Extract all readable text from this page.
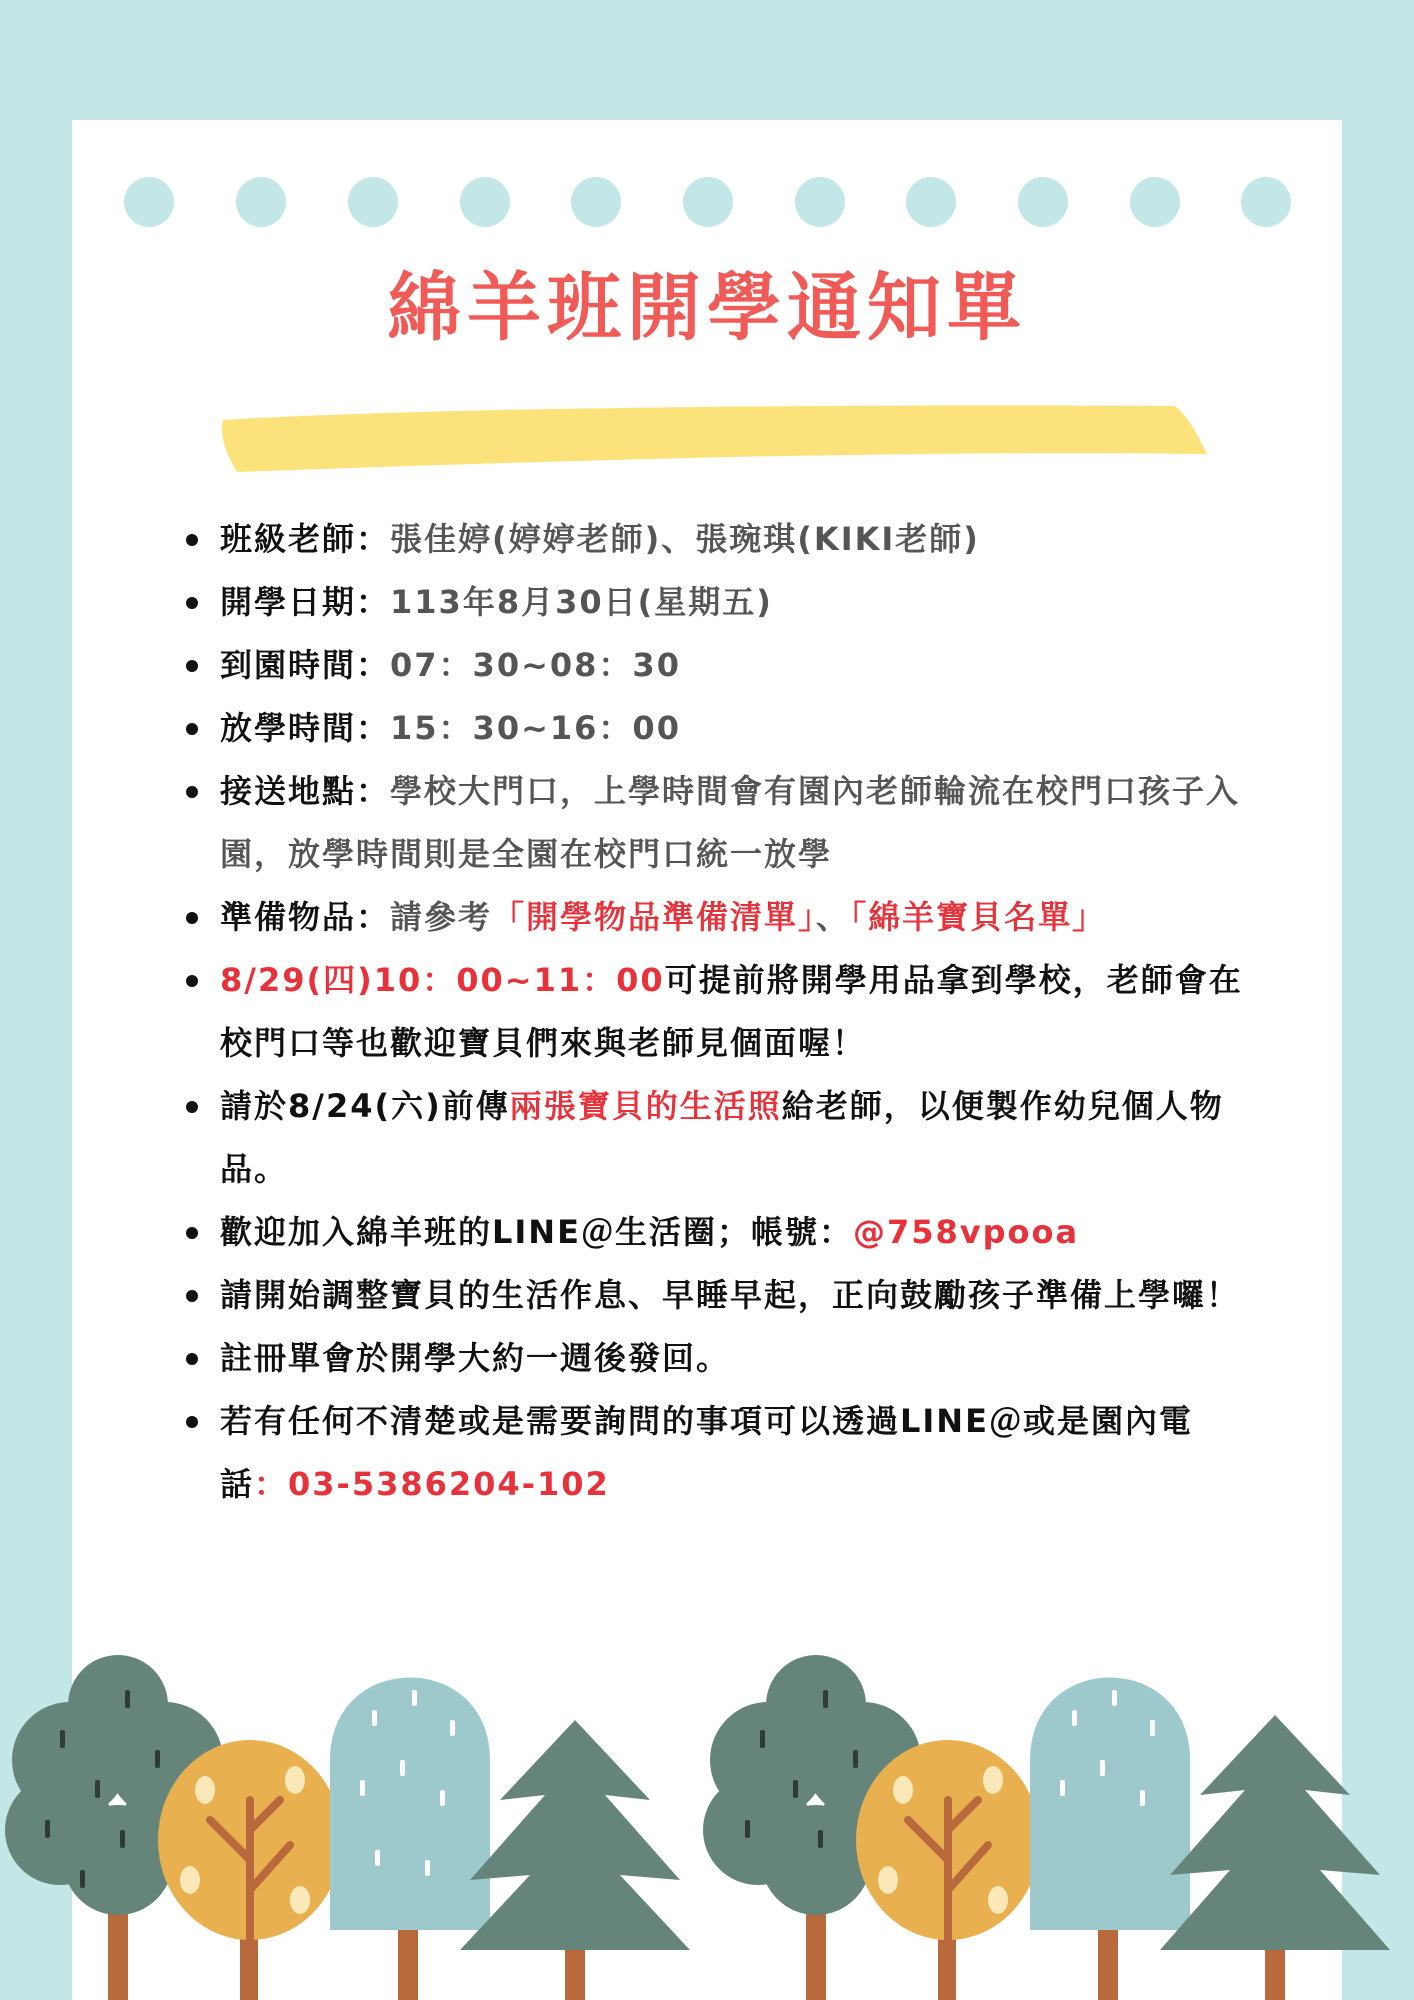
綿羊班開學通知單
班級老師：張佳婷(婷婷老師)、張琬琪(KIKI老師)
開學日期：113年8月30日(星期五)
到園時間：07：30~08：30
放學時間：15：30~16：00
接送地點：學校大門口，上學時間會有園內老師輪流在校門口孩子入園，放學時間則是全園在校門口統一放學
準備物品：請參考「開學物品準備清單」、「綿羊寶貝名單」
8/29(四)10：00~11：00可提前將開學用品拿到學校，老師會在校門口等也歡迎寶貝們來與老師見個面喔！
請於8/24(六)前傳兩張寶貝的生活照給老師，以便製作幼兒個人物品。
歡迎加入綿羊班的LINE＠生活圈；帳號：@758vpooa
請開始調整寶貝的生活作息、早睡早起，正向鼓勵孩子準備上學囉！
註冊單會於開學大約一週後發回。
若有任何不清楚或是需要詢問的事項可以透過LINE＠或是園內電話：03-5386204-102
